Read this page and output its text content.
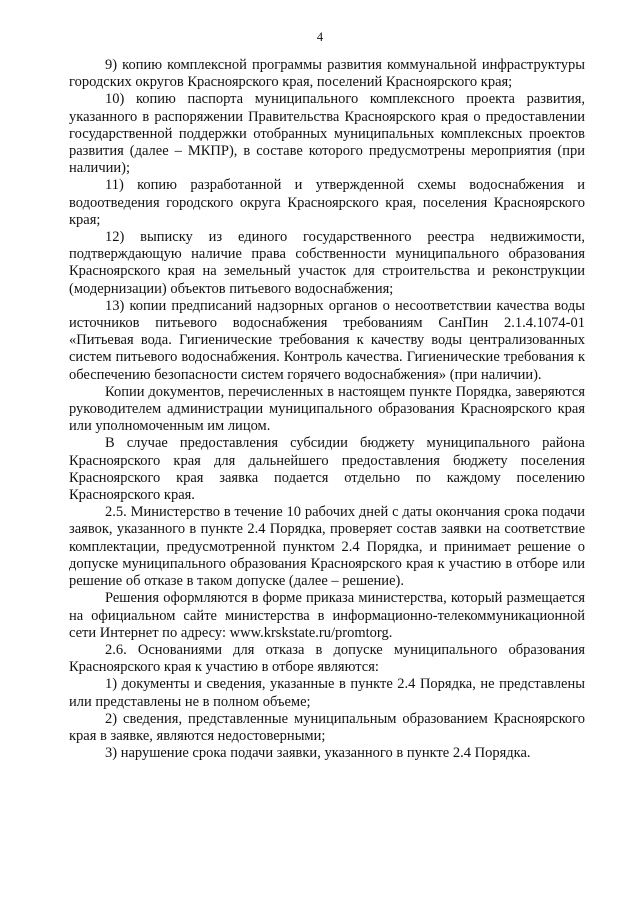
4

9) копию комплексной программы развития коммунальной инфраструктуры городских округов Красноярского края, поселений Красноярского края;

10) копию паспорта муниципального комплексного проекта развития, указанного в распоряжении Правительства Красноярского края о предоставлении государственной поддержки отобранных муниципальных комплексных проектов развития (далее – МКПР), в составе которого предусмотрены мероприятия (при наличии);

11) копию разработанной и утвержденной схемы водоснабжения и водоотведения городского округа Красноярского края, поселения Красноярского края;

12) выписку из единого государственного реестра недвижимости, подтверждающую наличие права собственности муниципального образования Красноярского края на земельный участок для строительства и реконструкции (модернизации) объектов питьевого водоснабжения;

13) копии предписаний надзорных органов о несоответствии качества воды источников питьевого водоснабжения требованиям СанПин 2.1.4.1074-01 «Питьевая вода. Гигиенические требования к качеству воды централизованных систем питьевого водоснабжения. Контроль качества. Гигиенические требования к обеспечению безопасности систем горячего водоснабжения» (при наличии).

Копии документов, перечисленных в настоящем пункте Порядка, заверяются руководителем администрации муниципального образования Красноярского края или уполномоченным им лицом.

В случае предоставления субсидии бюджету муниципального района Красноярского края для дальнейшего предоставления бюджету поселения Красноярского края заявка подается отдельно по каждому поселению Красноярского края.

2.5. Министерство в течение 10 рабочих дней с даты окончания срока подачи заявок, указанного в пункте 2.4 Порядка, проверяет состав заявки на соответствие комплектации, предусмотренной пунктом 2.4 Порядка, и принимает решение о допуске муниципального образования Красноярского края к участию в отборе или решение об отказе в таком допуске (далее – решение).

Решения оформляются в форме приказа министерства, который размещается на официальном сайте министерства в информационно-телекоммуникационной сети Интернет по адресу: www.krskstate.ru/promtorg.

2.6. Основаниями для отказа в допуске муниципального образования Красноярского края к участию в отборе являются:

1) документы и сведения, указанные в пункте 2.4 Порядка, не представлены или представлены не в полном объеме;

2) сведения, представленные муниципальным образованием Красноярского края в заявке, являются недостоверными;

3) нарушение срока подачи заявки, указанного в пункте 2.4 Порядка.
